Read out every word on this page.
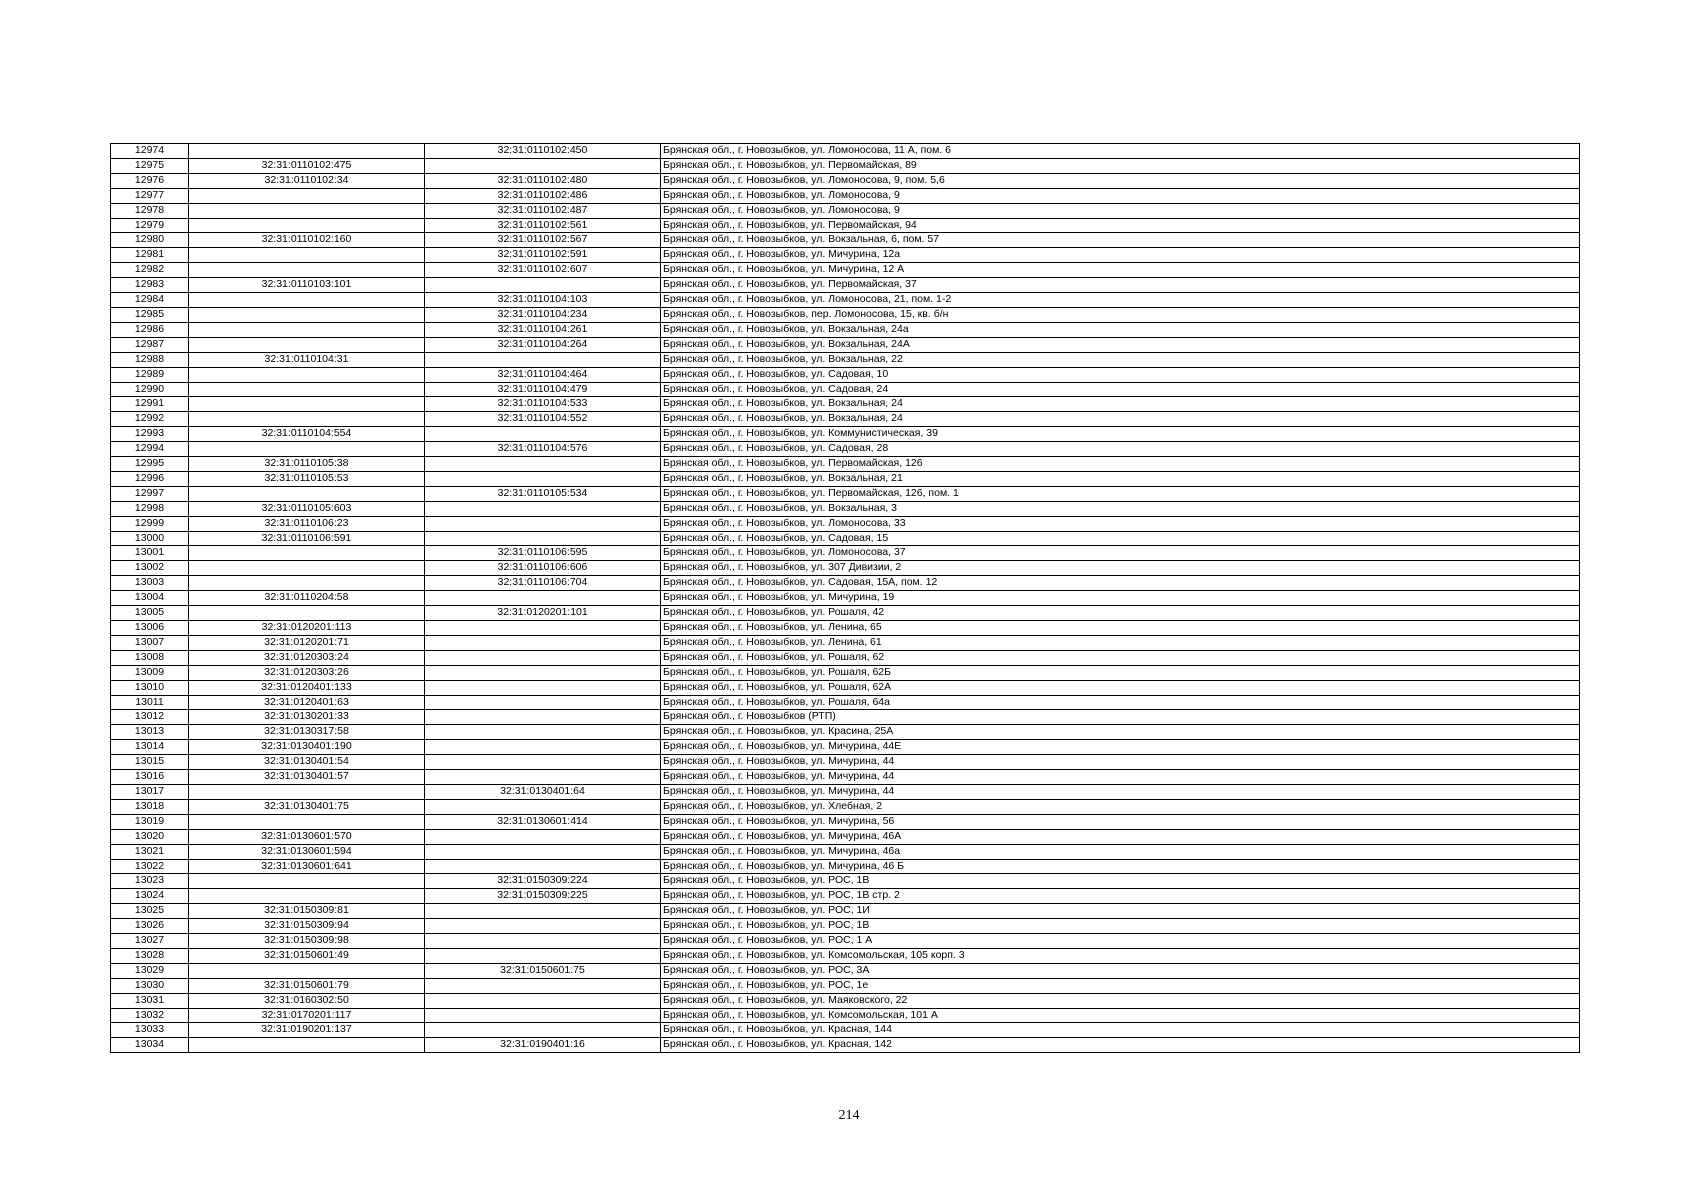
12974		32:31:0110102:450	Брянская обл., г. Новозыбков, ул. Ломоносова, 11 А, пом. 6
12975	32:31:0110102:475		Брянская обл., г. Новозыбков, ул. Первомайская, 89
12976	32:31:0110102:34	32:31:0110102:480	Брянская обл., г. Новозыбков, ул. Ломоносова, 9, пом. 5,6
12977		32:31:0110102:486	Брянская обл., г. Новозыбков, ул. Ломоносова, 9
12978		32:31:0110102:487	Брянская обл., г. Новозыбков, ул. Ломоносова, 9
12979		32:31:0110102:561	Брянская обл., г. Новозыбков, ул. Первомайская, 94
12980	32:31:0110102:160	32:31:0110102:567	Брянская обл., г. Новозыбков, ул. Вокзальная, 6, пом. 57
12981		32:31:0110102:591	Брянская обл., г. Новозыбков, ул. Мичурина, 12а
12982		32:31:0110102:607	Брянская обл., г. Новозыбков, ул. Мичурина, 12 А
12983	32:31:0110103:101		Брянская обл., г. Новозыбков, ул. Первомайская, 37
12984		32:31:0110104:103	Брянская обл., г. Новозыбков, ул. Ломоносова, 21, пом. 1-2
12985		32:31:0110104:234	Брянская обл., г. Новозыбков, пер. Ломоносова, 15, кв. б/н
12986		32:31:0110104:261	Брянская обл., г. Новозыбков, ул. Вокзальная, 24а
12987		32:31:0110104:264	Брянская обл., г. Новозыбков, ул. Вокзальная, 24А
12988	32:31:0110104:31		Брянская обл., г. Новозыбков, ул. Вокзальная, 22
12989		32:31:0110104:464	Брянская обл., г. Новозыбков, ул. Садовая, 10
12990		32:31:0110104:479	Брянская обл., г. Новозыбков, ул. Садовая, 24
12991		32:31:0110104:533	Брянская обл., г. Новозыбков, ул. Вокзальная, 24
12992		32:31:0110104:552	Брянская обл., г. Новозыбков, ул. Вокзальная, 24
12993	32:31:0110104:554		Брянская обл., г. Новозыбков, ул. Коммунистическая, 39
12994		32:31:0110104:576	Брянская обл., г. Новозыбков, ул. Садовая, 28
12995	32:31:0110105:38		Брянская обл., г. Новозыбков, ул. Первомайская, 126
12996	32:31:0110105:53		Брянская обл., г. Новозыбков, ул. Вокзальная, 21
12997		32:31:0110105:534	Брянская обл., г. Новозыбков, ул. Первомайская, 126, пом. 1
12998	32:31:0110105:603		Брянская обл., г. Новозыбков, ул. Вокзальная, 3
12999	32:31:0110106:23		Брянская обл., г. Новозыбков, ул. Ломоносова, 33
13000	32:31:0110106:591		Брянская обл., г. Новозыбков, ул. Садовая, 15
13001		32:31:0110106:595	Брянская обл., г. Новозыбков, ул. Ломоносова, 37
13002		32:31:0110106:606	Брянская обл., г. Новозыбков, ул. 307 Дивизии, 2
13003		32:31:0110106:704	Брянская обл., г. Новозыбков, ул. Садовая, 15А, пом. 12
13004	32:31:0110204:58		Брянская обл., г. Новозыбков, ул. Мичурина, 19
13005		32:31:0120201:101	Брянская обл., г. Новозыбков, ул. Рошаля, 42
13006	32:31:0120201:113		Брянская обл., г. Новозыбков, ул. Ленина, 65
13007	32:31:0120201:71		Брянская обл., г. Новозыбков, ул. Ленина, 61
13008	32:31:0120303:24		Брянская обл., г. Новозыбков, ул. Рошаля, 62
13009	32:31:0120303:26		Брянская обл., г. Новозыбков, ул. Рошаля, 62Б
13010	32:31:0120401:133		Брянская обл., г. Новозыбков, ул. Рошаля, 62А
13011	32:31:0120401:63		Брянская обл., г. Новозыбков, ул. Рошаля, 64а
13012	32:31:0130201:33		Брянская обл., г. Новозыбков (РТП)
13013	32:31:0130317:58		Брянская обл., г. Новозыбков, ул. Красина, 25А
13014	32:31:0130401:190		Брянская обл., г. Новозыбков, ул. Мичурина, 44Е
13015	32:31:0130401:54		Брянская обл., г. Новозыбков, ул. Мичурина, 44
13016	32:31:0130401:57		Брянская обл., г. Новозыбков, ул. Мичурина, 44
13017		32:31:0130401:64	Брянская обл., г. Новозыбков, ул. Мичурина, 44
13018	32:31:0130401:75		Брянская обл., г. Новозыбков, ул. Хлебная, 2
13019		32:31:0130601:414	Брянская обл., г. Новозыбков, ул. Мичурина, 56
13020	32:31:0130601:570		Брянская обл., г. Новозыбков, ул. Мичурина, 46А
13021	32:31:0130601:594		Брянская обл., г. Новозыбков, ул. Мичурина, 46а
13022	32:31:0130601:641		Брянская обл., г. Новозыбков, ул. Мичурина, 46 Б
13023		32:31:0150309:224	Брянская обл., г. Новозыбков, ул. РОС, 1В
13024		32:31:0150309:225	Брянская обл., г. Новозыбков, ул. РОС, 1В стр. 2
13025	32:31:0150309:81		Брянская обл., г. Новозыбков, ул. РОС, 1И
13026	32:31:0150309:94		Брянская обл., г. Новозыбков, ул. РОС, 1В
13027	32:31:0150309:98		Брянская обл., г. Новозыбков, ул. РОС, 1 А
13028	32:31:0150601:49		Брянская обл., г. Новозыбков, ул. Комсомольская, 105 корп. 3
13029		32:31:0150601:75	Брянская обл., г. Новозыбков, ул. РОС, 3А
13030	32:31:0150601:79		Брянская обл., г. Новозыбков, ул. РОС, 1е
13031	32:31:0160302:50		Брянская обл., г. Новозыбков, ул. Маяковского, 22
13032	32:31:0170201:117		Брянская обл., г. Новозыбков, ул. Комсомольская, 101 А
13033	32:31:0190201:137		Брянская обл., г. Новозыбков, ул. Красная, 144
13034		32:31:0190401:16	Брянская обл., г. Новозыбков, ул. Красная, 142
214
